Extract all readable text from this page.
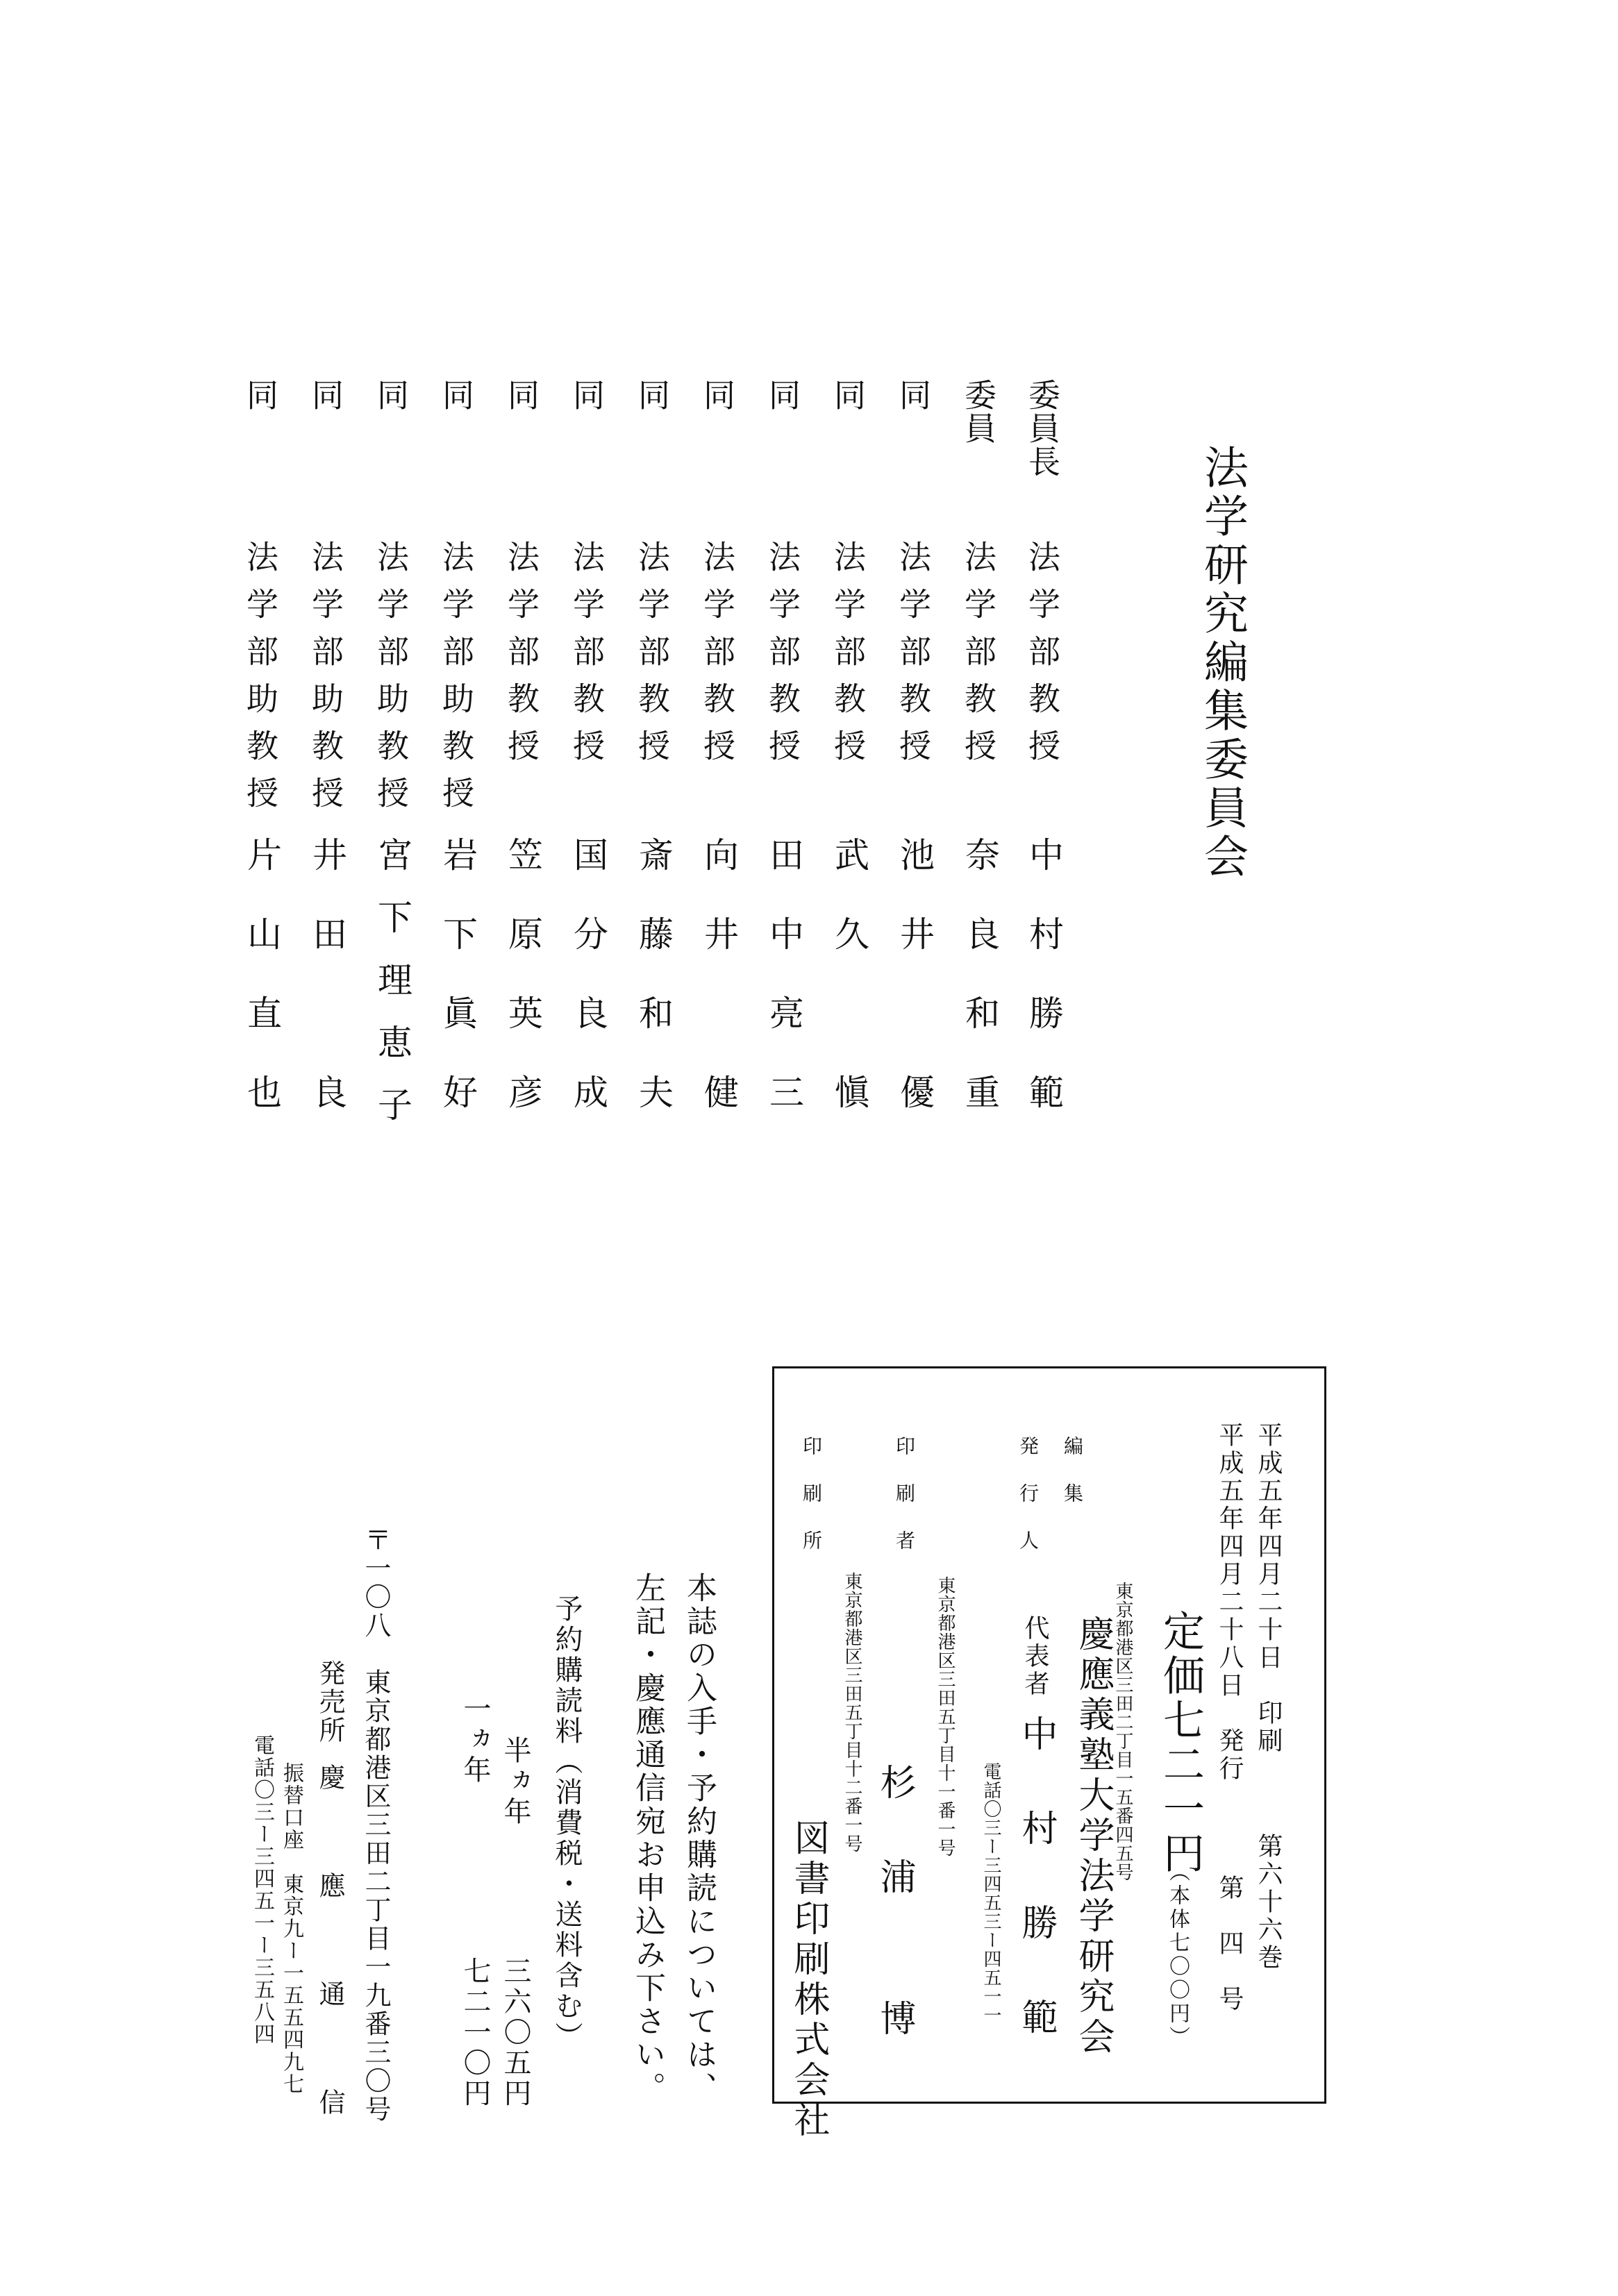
法学研究編集委員会
委員長
法学部教授
中村勝範
委員
法学部教授
奈良和重
同
法学部教授
池井　優
同
法学部教授
武久　愼
同
法学部教授
田中亮三
同
法学部教授
向井　健
同
法学部教授
斎藤和夫
同
法学部教授
国分良成
同
法学部教授
笠原英彦
同
法学部助教授
岩下眞好
同
法学部助教授
宮下理恵子
同
法学部助教授
井田　良
同
法学部助教授
片山直也
平成五年四月二十日　印刷
第六十六巻
平成五年四月二十八日　発行
第　四　号
定価七二一円
（本体七〇〇円）
編集
発行人
東京都港区三田二丁目一五番四五号
慶應義塾大学法学研究会
代表者
中　村　勝　範
電話〇三ー三四五三ー四五一一
印刷者
東京都港区三田五丁目十一番一号
杉　浦　　博
印刷所
東京都港区三田五丁目十二番一号
図書印刷株式会社
本誌の入手・予約購読については、
左記・慶應通信宛お申込み下さい。
予約購読料（消費税・送料含む）
半ヵ年
三六〇五円
一ヵ年
七二一〇円
〒一〇八　東京都港区三田二丁目一九番三〇号
発売所
慶　應　通　信
振替口座　東京九ー一五五四九七
電話〇三ー三四五一ー三五八四
